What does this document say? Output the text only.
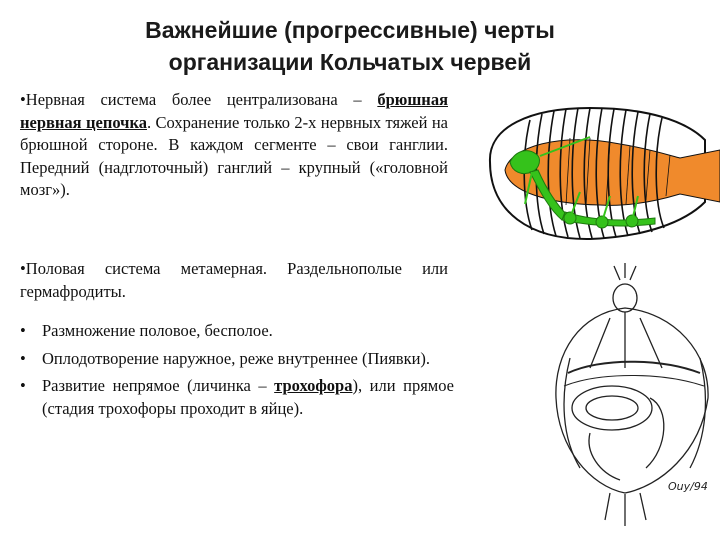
Важнейшие (прогрессивные) черты
организации Кольчатых червей

•Нервная система более централизована – брюшная нервная цепочка. Сохранение только 2-х нервных тяжей на брюшной стороне. В каждом сегменте – свои ганглии. Передний (надглоточный) ганглий – крупный («головной мозг»).

•Половая система метамерная. Раздельнополые или гермафродиты.

• Размножение половое, бесполое.
• Оплодотворение наружное, реже внутреннее (Пиявки).
• Развитие непрямое (личинка – трохофора), или прямое (стадия трохофоры проходит в яйце).
Ouy/94
